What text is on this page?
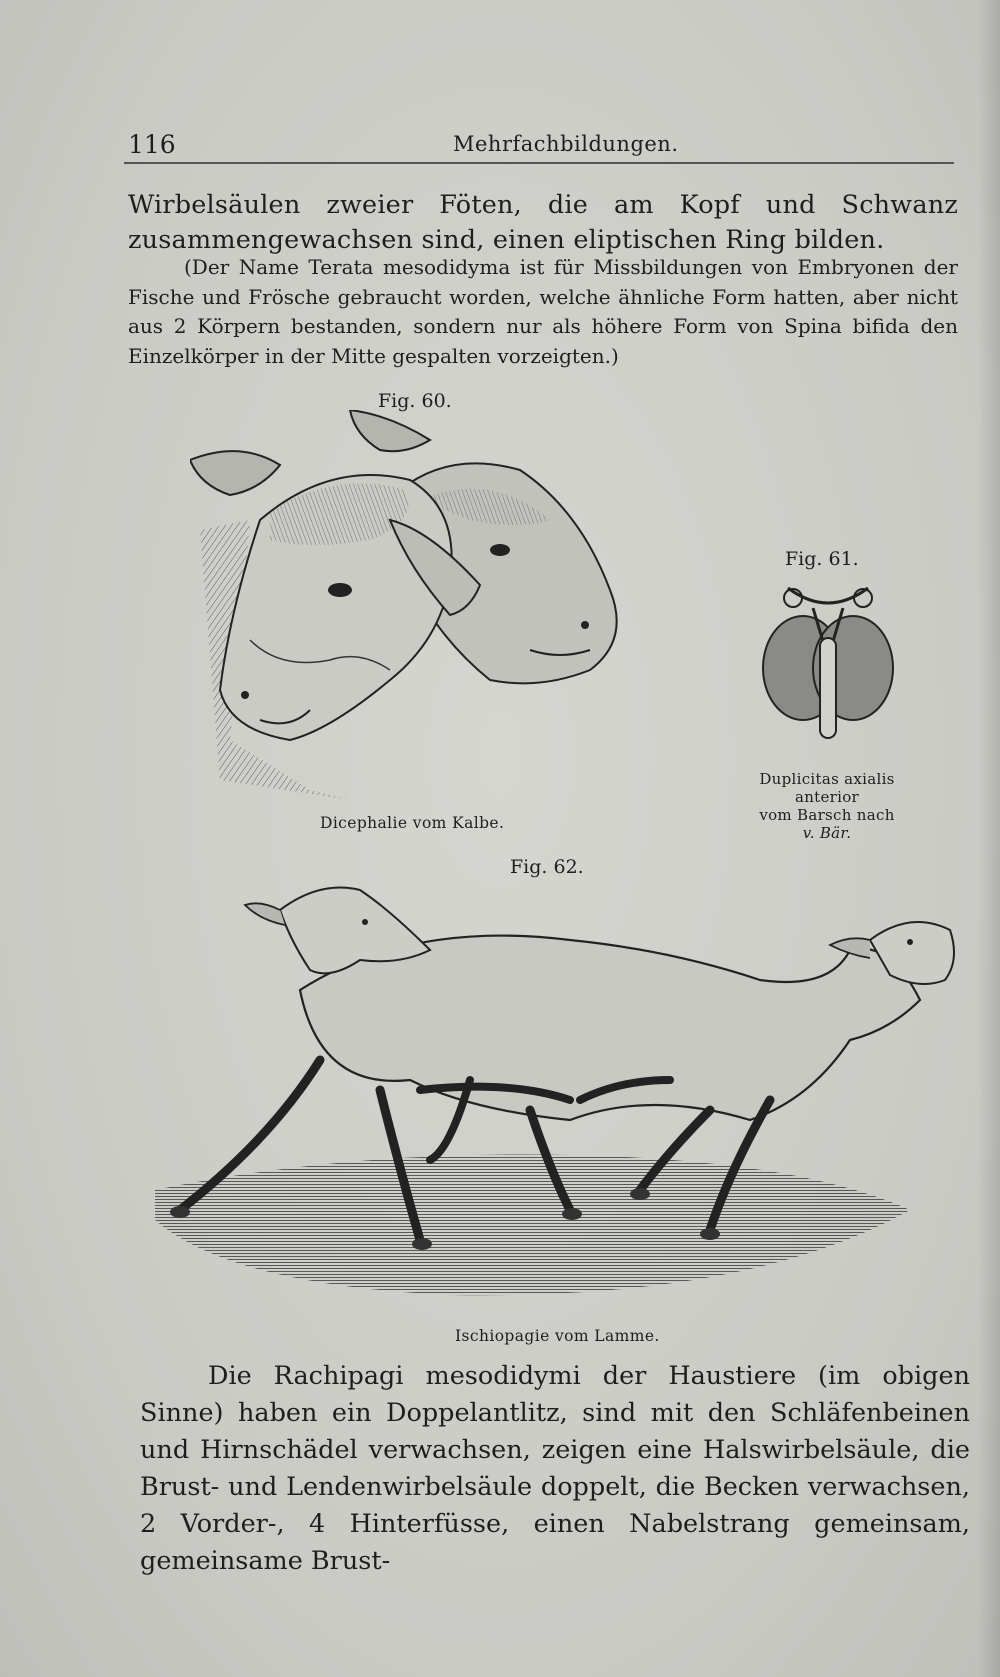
116	Mehrfachbildungen.
Wirbelsäulen zweier Föten, die am Kopf und Schwanz zusammengewachsen sind, einen eliptischen Ring bilden.
(Der Name Terata mesodidyma ist für Missbildungen von Embryonen der Fische und Frösche gebraucht worden, welche ähnliche Form hatten, aber nicht aus 2 Körpern bestanden, sondern nur als höhere Form von Spina bifida den Einzelkörper in der Mitte gespalten vorzeigten.)
Fig. 60.
Dicephalie vom Kalbe.
Fig. 61.
Duplicitas axialis
anterior
vom Barsch nach
v. Bär.
Fig. 62.
Ischiopagie vom Lamme.
Die Rachipagi mesodidymi der Haustiere (im obigen Sinne) haben ein Doppelantlitz, sind mit den Schläfenbeinen und Hirnschädel verwachsen, zeigen eine Halswirbelsäule, die Brust- und Lendenwirbelsäule doppelt, die Becken verwachsen, 2 Vorder-, 4 Hinterfüsse, einen Nabelstrang gemeinsam, gemeinsame Brust-
